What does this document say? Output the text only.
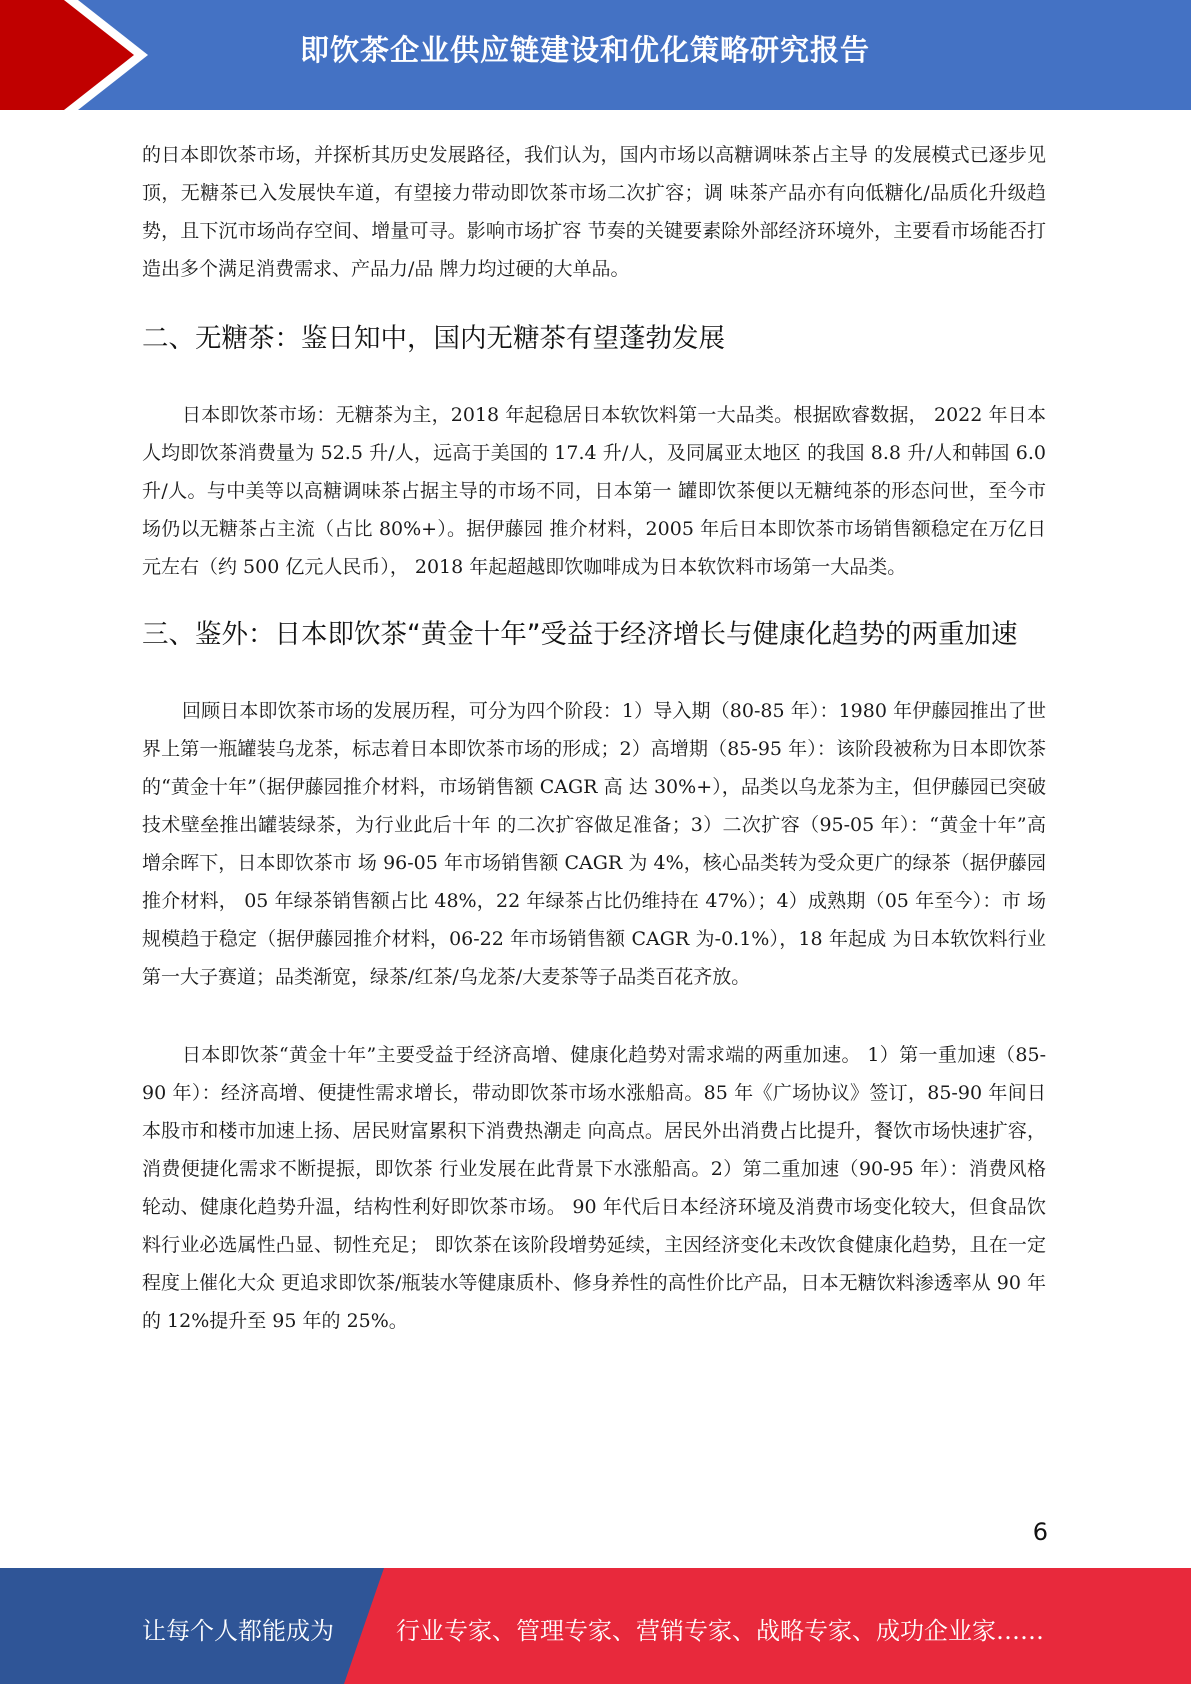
即饮茶企业供应链建设和优化策略研究报告

的日本即饮茶市场，并探析其历史发展路径，我们认为，国内市场以高糖调味茶占主导 的发展模式已逐步见顶，无糖茶已入发展快车道，有望接力带动即饮茶市场二次扩容；调 味茶产品亦有向低糖化/品质化升级趋势，且下沉市场尚存空间、增量可寻。影响市场扩容 节奏的关键要素除外部经济环境外，主要看市场能否打造出多个满足消费需求、产品力/品 牌力均过硬的大单品。

二、无糖茶：鉴日知中，国内无糖茶有望蓬勃发展

日本即饮茶市场：无糖茶为主，2018 年起稳居日本软饮料第一大品类。根据欧睿数据， 2022 年日本人均即饮茶消费量为 52.5 升/人，远高于美国的 17.4 升/人，及同属亚太地区 的我国 8.8 升/人和韩国 6.0 升/人。与中美等以高糖调味茶占据主导的市场不同，日本第一 罐即饮茶便以无糖纯茶的形态问世，至今市场仍以无糖茶占主流（占比 80%+）。据伊藤园 推介材料，2005 年后日本即饮茶市场销售额稳定在万亿日元左右（约 500 亿元人民币）， 2018 年起超越即饮咖啡成为日本软饮料市场第一大品类。

三、鉴外：日本即饮茶“黄金十年”受益于经济增长与健康化趋势的两重加速

回顾日本即饮茶市场的发展历程，可分为四个阶段：1）导入期（80-85 年）：1980 年伊藤园推出了世界上第一瓶罐装乌龙茶，标志着日本即饮茶市场的形成；2）高增期（85-95 年）：该阶段被称为日本即饮茶的“黄金十年”（据伊藤园推介材料，市场销售额 CAGR 高 达 30%+），品类以乌龙茶为主，但伊藤园已突破技术壁垒推出罐装绿茶，为行业此后十年 的二次扩容做足准备；3）二次扩容（95-05 年）：“黄金十年”高增余晖下，日本即饮茶市 场 96-05 年市场销售额 CAGR 为 4%，核心品类转为受众更广的绿茶（据伊藤园推介材料， 05 年绿茶销售额占比 48%，22 年绿茶占比仍维持在 47%）；4）成熟期（05 年至今）：市 场规模趋于稳定（据伊藤园推介材料，06-22 年市场销售额 CAGR 为-0.1%），18 年起成 为日本软饮料行业第一大子赛道；品类渐宽，绿茶/红茶/乌龙茶/大麦茶等子品类百花齐放。

日本即饮茶“黄金十年”主要受益于经济高增、健康化趋势对需求端的两重加速。 1）第一重加速（85-90 年）：经济高增、便捷性需求增长，带动即饮茶市场水涨船高。85 年《广场协议》签订，85-90 年间日本股市和楼市加速上扬、居民财富累积下消费热潮走 向高点。居民外出消费占比提升，餐饮市场快速扩容，消费便捷化需求不断提振，即饮茶 行业发展在此背景下水涨船高。2）第二重加速（90-95 年）：消费风格轮动、健康化趋势升温，结构性利好即饮茶市场。 90 年代后日本经济环境及消费市场变化较大，但食品饮料行业必选属性凸显、韧性充足； 即饮茶在该阶段增势延续，主因经济变化未改饮食健康化趋势，且在一定程度上催化大众 更追求即饮茶/瓶装水等健康质朴、修身养性的高性价比产品，日本无糖饮料渗透率从 90 年的 12%提升至 95 年的 25%。

6
让每个人都能成为	行业专家、管理专家、营销专家、战略专家、成功企业家……
